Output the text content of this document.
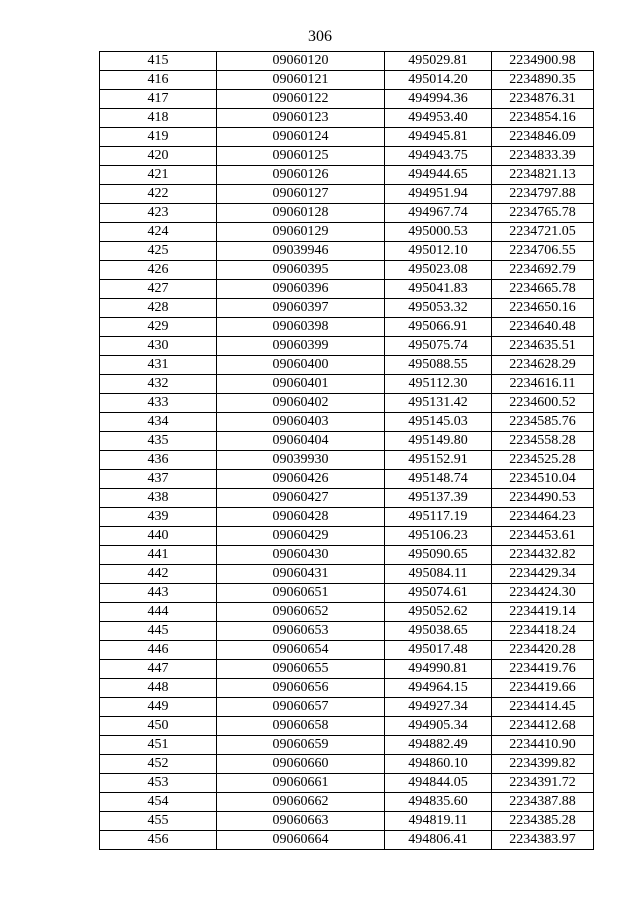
306
415	09060120	495029.81	2234900.98
416	09060121	495014.20	2234890.35
417	09060122	494994.36	2234876.31
418	09060123	494953.40	2234854.16
419	09060124	494945.81	2234846.09
420	09060125	494943.75	2234833.39
421	09060126	494944.65	2234821.13
422	09060127	494951.94	2234797.88
423	09060128	494967.74	2234765.78
424	09060129	495000.53	2234721.05
425	09039946	495012.10	2234706.55
426	09060395	495023.08	2234692.79
427	09060396	495041.83	2234665.78
428	09060397	495053.32	2234650.16
429	09060398	495066.91	2234640.48
430	09060399	495075.74	2234635.51
431	09060400	495088.55	2234628.29
432	09060401	495112.30	2234616.11
433	09060402	495131.42	2234600.52
434	09060403	495145.03	2234585.76
435	09060404	495149.80	2234558.28
436	09039930	495152.91	2234525.28
437	09060426	495148.74	2234510.04
438	09060427	495137.39	2234490.53
439	09060428	495117.19	2234464.23
440	09060429	495106.23	2234453.61
441	09060430	495090.65	2234432.82
442	09060431	495084.11	2234429.34
443	09060651	495074.61	2234424.30
444	09060652	495052.62	2234419.14
445	09060653	495038.65	2234418.24
446	09060654	495017.48	2234420.28
447	09060655	494990.81	2234419.76
448	09060656	494964.15	2234419.66
449	09060657	494927.34	2234414.45
450	09060658	494905.34	2234412.68
451	09060659	494882.49	2234410.90
452	09060660	494860.10	2234399.82
453	09060661	494844.05	2234391.72
454	09060662	494835.60	2234387.88
455	09060663	494819.11	2234385.28
456	09060664	494806.41	2234383.97
